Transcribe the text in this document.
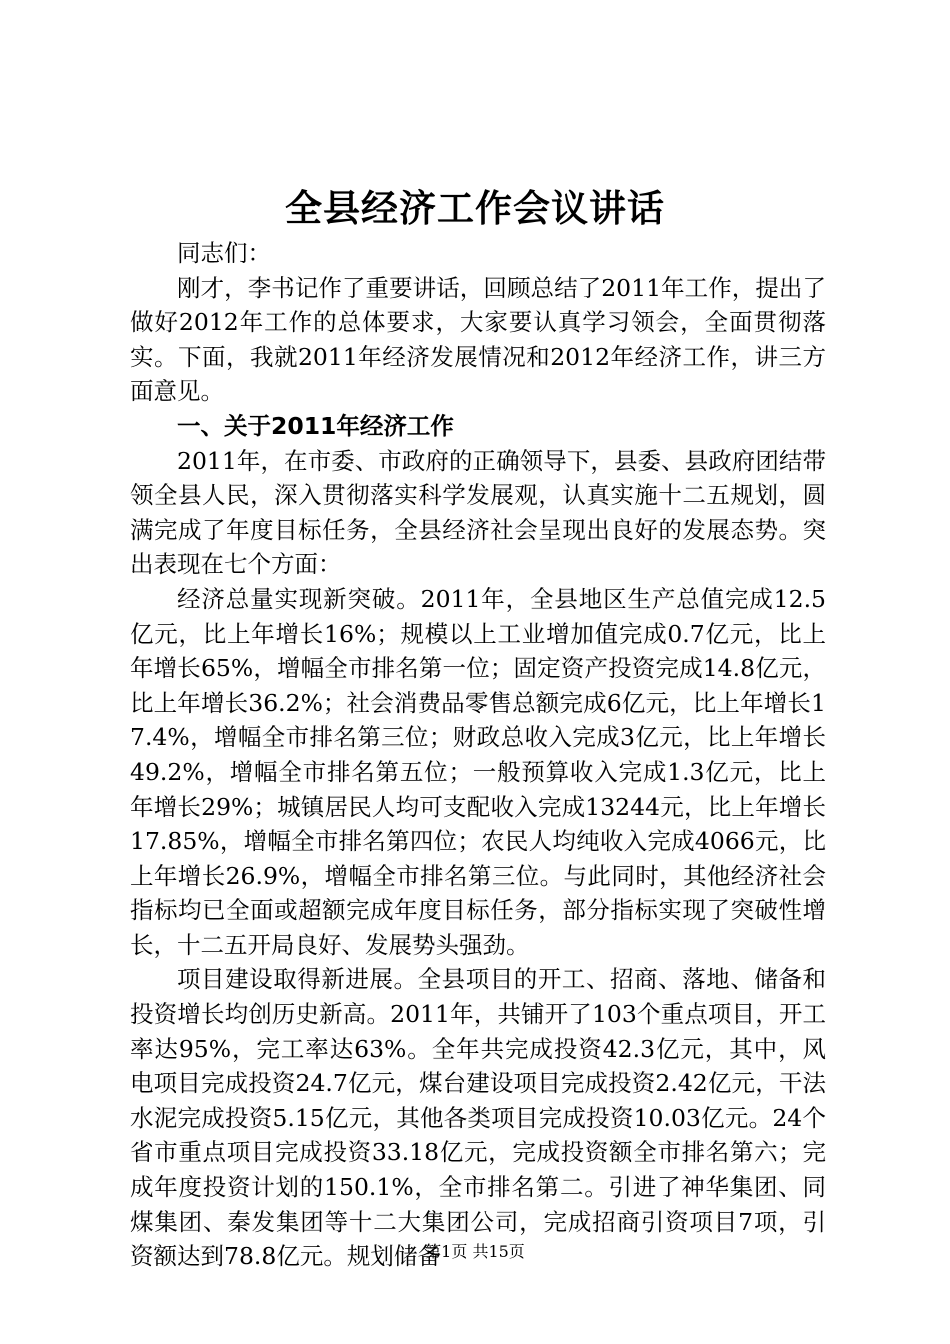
全县经济工作会议讲话

同志们：

刚才，李书记作了重要讲话，回顾总结了2011年工作，提出了做好2012年工作的总体要求，大家要认真学习领会，全面贯彻落实。下面，我就2011年经济发展情况和2012年经济工作，讲三方面意见。

一、关于2011年经济工作

2011年，在市委、市政府的正确领导下，县委、县政府团结带领全县人民，深入贯彻落实科学发展观，认真实施十二五规划，圆满完成了年度目标任务，全县经济社会呈现出良好的发展态势。突出表现在七个方面：

经济总量实现新突破。2011年，全县地区生产总值完成12.5亿元，比上年增长16%；规模以上工业增加值完成0.7亿元，比上年增长65%，增幅全市排名第一位；固定资产投资完成14.8亿元，比上年增长36.2%；社会消费品零售总额完成6亿元，比上年增长17.4%，增幅全市排名第三位；财政总收入完成3亿元，比上年增长49.2%，增幅全市排名第五位；一般预算收入完成1.3亿元，比上年增长29%；城镇居民人均可支配收入完成13244元，比上年增长17.85%，增幅全市排名第四位；农民人均纯收入完成4066元，比上年增长26.9%，增幅全市排名第三位。与此同时，其他经济社会指标均已全面或超额完成年度目标任务，部分指标实现了突破性增长，十二五开局良好、发展势头强劲。

项目建设取得新进展。全县项目的开工、招商、落地、储备和投资增长均创历史新高。2011年，共铺开了103个重点项目，开工率达95%，完工率达63%。全年共完成投资42.3亿元，其中，风电项目完成投资24.7亿元，煤台建设项目完成投资2.42亿元，干法水泥完成投资5.15亿元，其他各类项目完成投资10.03亿元。24个省市重点项目完成投资33.18亿元，完成投资额全市排名第六；完成年度投资计划的150.1%，全市排名第二。引进了神华集团、同煤集团、秦发集团等十二大集团公司，完成招商引资项目7项，引资额达到78.8亿元。规划储备

第1页 共15页
